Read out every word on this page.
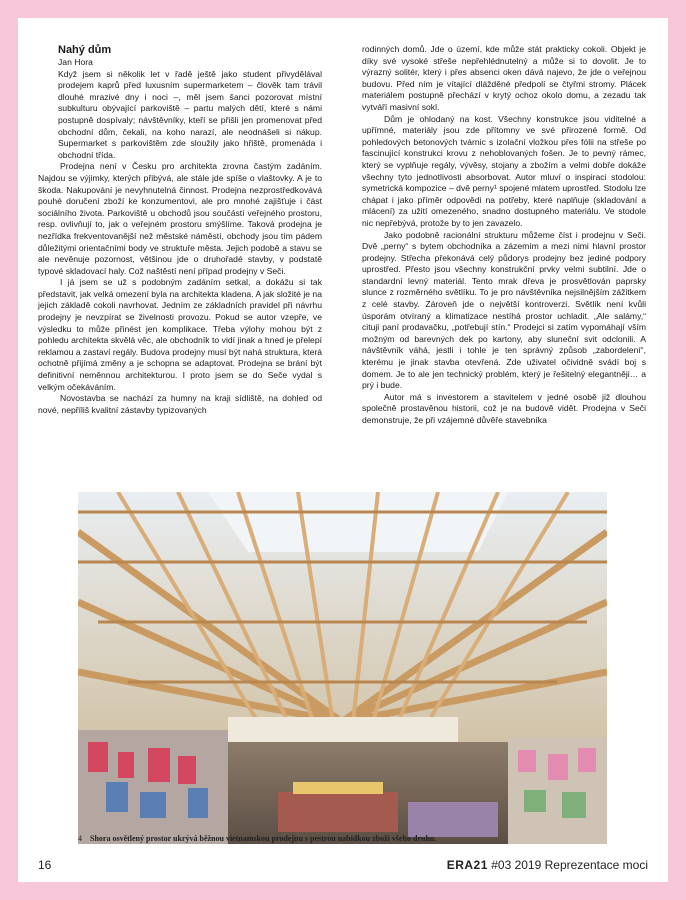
Nahý dům
Jan Hora

Když jsem si několik let v řadě ještě jako student přivydělával prodejem kaprů před luxusním supermarketem – člověk tam trávil dlouhé mrazivé dny i noci –, měl jsem šanci pozorovat místní subkulturu obývající parkoviště – partu malých dětí, které s námi postupně dospívaly; návštěvníky, kteří se přišli jen promenovat před obchodní dům, čekali, na koho narazí, ale neodnášeli si nákup. Supermarket s parkovištěm zde sloužily jako hřiště, promenáda i obchodní třída.

Prodejna není v Česku pro architekta zrovna častým zadáním. Najdou se výjimky, kterých přibývá, ale stále jde spíše o vlaštovky. A je to škoda. Nakupování je nevyhnutelná činnost. Prodejna nezprostředkovává pouhé doručení zboží ke konzumentovi, ale pro mnohé zajišťuje i část sociálního života. Parkoviště u obchodů jsou součástí veřejného prostoru, resp. ovlivňují to, jak o veřejném prostoru smýšlíme. Taková prodejna je nezřídka frekventovanější než městské náměstí, obchody jsou tím pádem důležitými orientačními body ve struktuře města. Jejich podobě a stavu se ale nevěnuje pozornost, většinou jde o druhořadé stavby, v podstatě typové skladovací haly. Což naštěstí není případ prodejny v Seči.

I já jsem se už s podobným zadáním setkal, a dokážu si tak představit, jak velká omezení byla na architekta kladena. A jak složité je na jejich základě cokoli navrhovat. Jedním ze základních pravidel při návrhu prodejny je nevzpírat se živelnosti provozu. Pokud se autor vzepře, ve výsledku to může přinést jen komplikace. Třeba výlohy mohou být z pohledu architekta skvělá věc, ale obchodník to vidí jinak a hned je přelepí reklamou a zastaví regály. Budova prodejny musí být nahá struktura, která ochotně přijímá změny a je schopna se adaptovat. Prodejna se brání být definitivní neměnnou architekturou. I proto jsem se do Seče vydal s velkým očekáváním.

Novostavba se nachází za humny na kraji sídliště, na dohled od nové, nepříliš kvalitní zástavby typizovaných

rodinných domů. Jde o území, kde může stát prakticky cokoli. Objekt je díky své vysoké střeše nepřehlédnutelný a může si to dovolit. Je to výrazný solitér, který i přes absenci oken dává najevo, že jde o veřejnou budovu. Před ním je vítající dlážděné předpolí se čtyřmi stromy. Plácek materiálem postupně přechází v krytý ochoz okolo domu, a zezadu tak vytváří masivní sokl.

Dům je ohlodaný na kost. Všechny konstrukce jsou viditelné a upřímné, materiály jsou zde přítomny ve své přirozené formě. Od pohledových betonových tvárnic s izolační vložkou přes fólii na střeše po fascinující konstrukci krovu z nehoblovaných fošen. Je to pevný rámec, který se vyplňuje regály, vývěsy, stojany a zbožím a velmi dobře dokáže všechny tyto jednotlivosti absorbovat. Autor mluví o inspiraci stodolou: symetrická kompozice – dvě perny¹ spojené mlatem uprostřed. Stodolu lze chápat i jako příměr odpovědi na potřeby, které naplňuje (skladování a mlácení) za užití omezeného, snadno dostupného materiálu. Ve stodole nic nepřebývá, protože by to jen zavazelo.

Jako podobně racionální strukturu můžeme číst i prodejnu v Seči. Dvě „perny“ s bytem obchodníka a zázemím a mezi nimi hlavní prostor prodejny. Střecha překonává celý půdorys prodejny bez jediné podpory uprostřed. Přesto jsou všechny konstrukční prvky velmi subtilní. Jde o standardní levný materiál. Tento mrak dřeva je prosvětlován paprsky slunce z rozměrného světlíku. To je pro návštěvníka nejsilnějším zážitkem z celé stavby. Zároveň jde o největší kontroverzi. Světlík není kvůli úsporám otvíraný a klimatizace nestíhá prostor uchladit. „Ale salámy,“ cituji paní prodavačku, „potřebují stín.“ Prodejci si zatím vypomáhají vším možným od barevných dek po kartony, aby sluneční svit odclonili. A návštěvník váhá, jestli i tohle je ten správný způsob „zabordelení“, kterému je jinak stavba otevřená. Zde uživatel očividně svádí boj s domem. Je to ale jen technický problém, který je řešitelný elegantněji… a prý i bude.

Autor má s investorem a stavitelem v jedné osobě již dlouhou společně prostavěnou historii, což je na budově vidět. Prodejna v Seči demonstruje, že při vzájemné důvěře stavebníka

4 Shora osvětlený prostor ukrývá běžnou vietnamskou prodejnu s pestrou nabídkou zboží všeho druhu.
16	ERA21 #03 2019 Reprezentace moci
